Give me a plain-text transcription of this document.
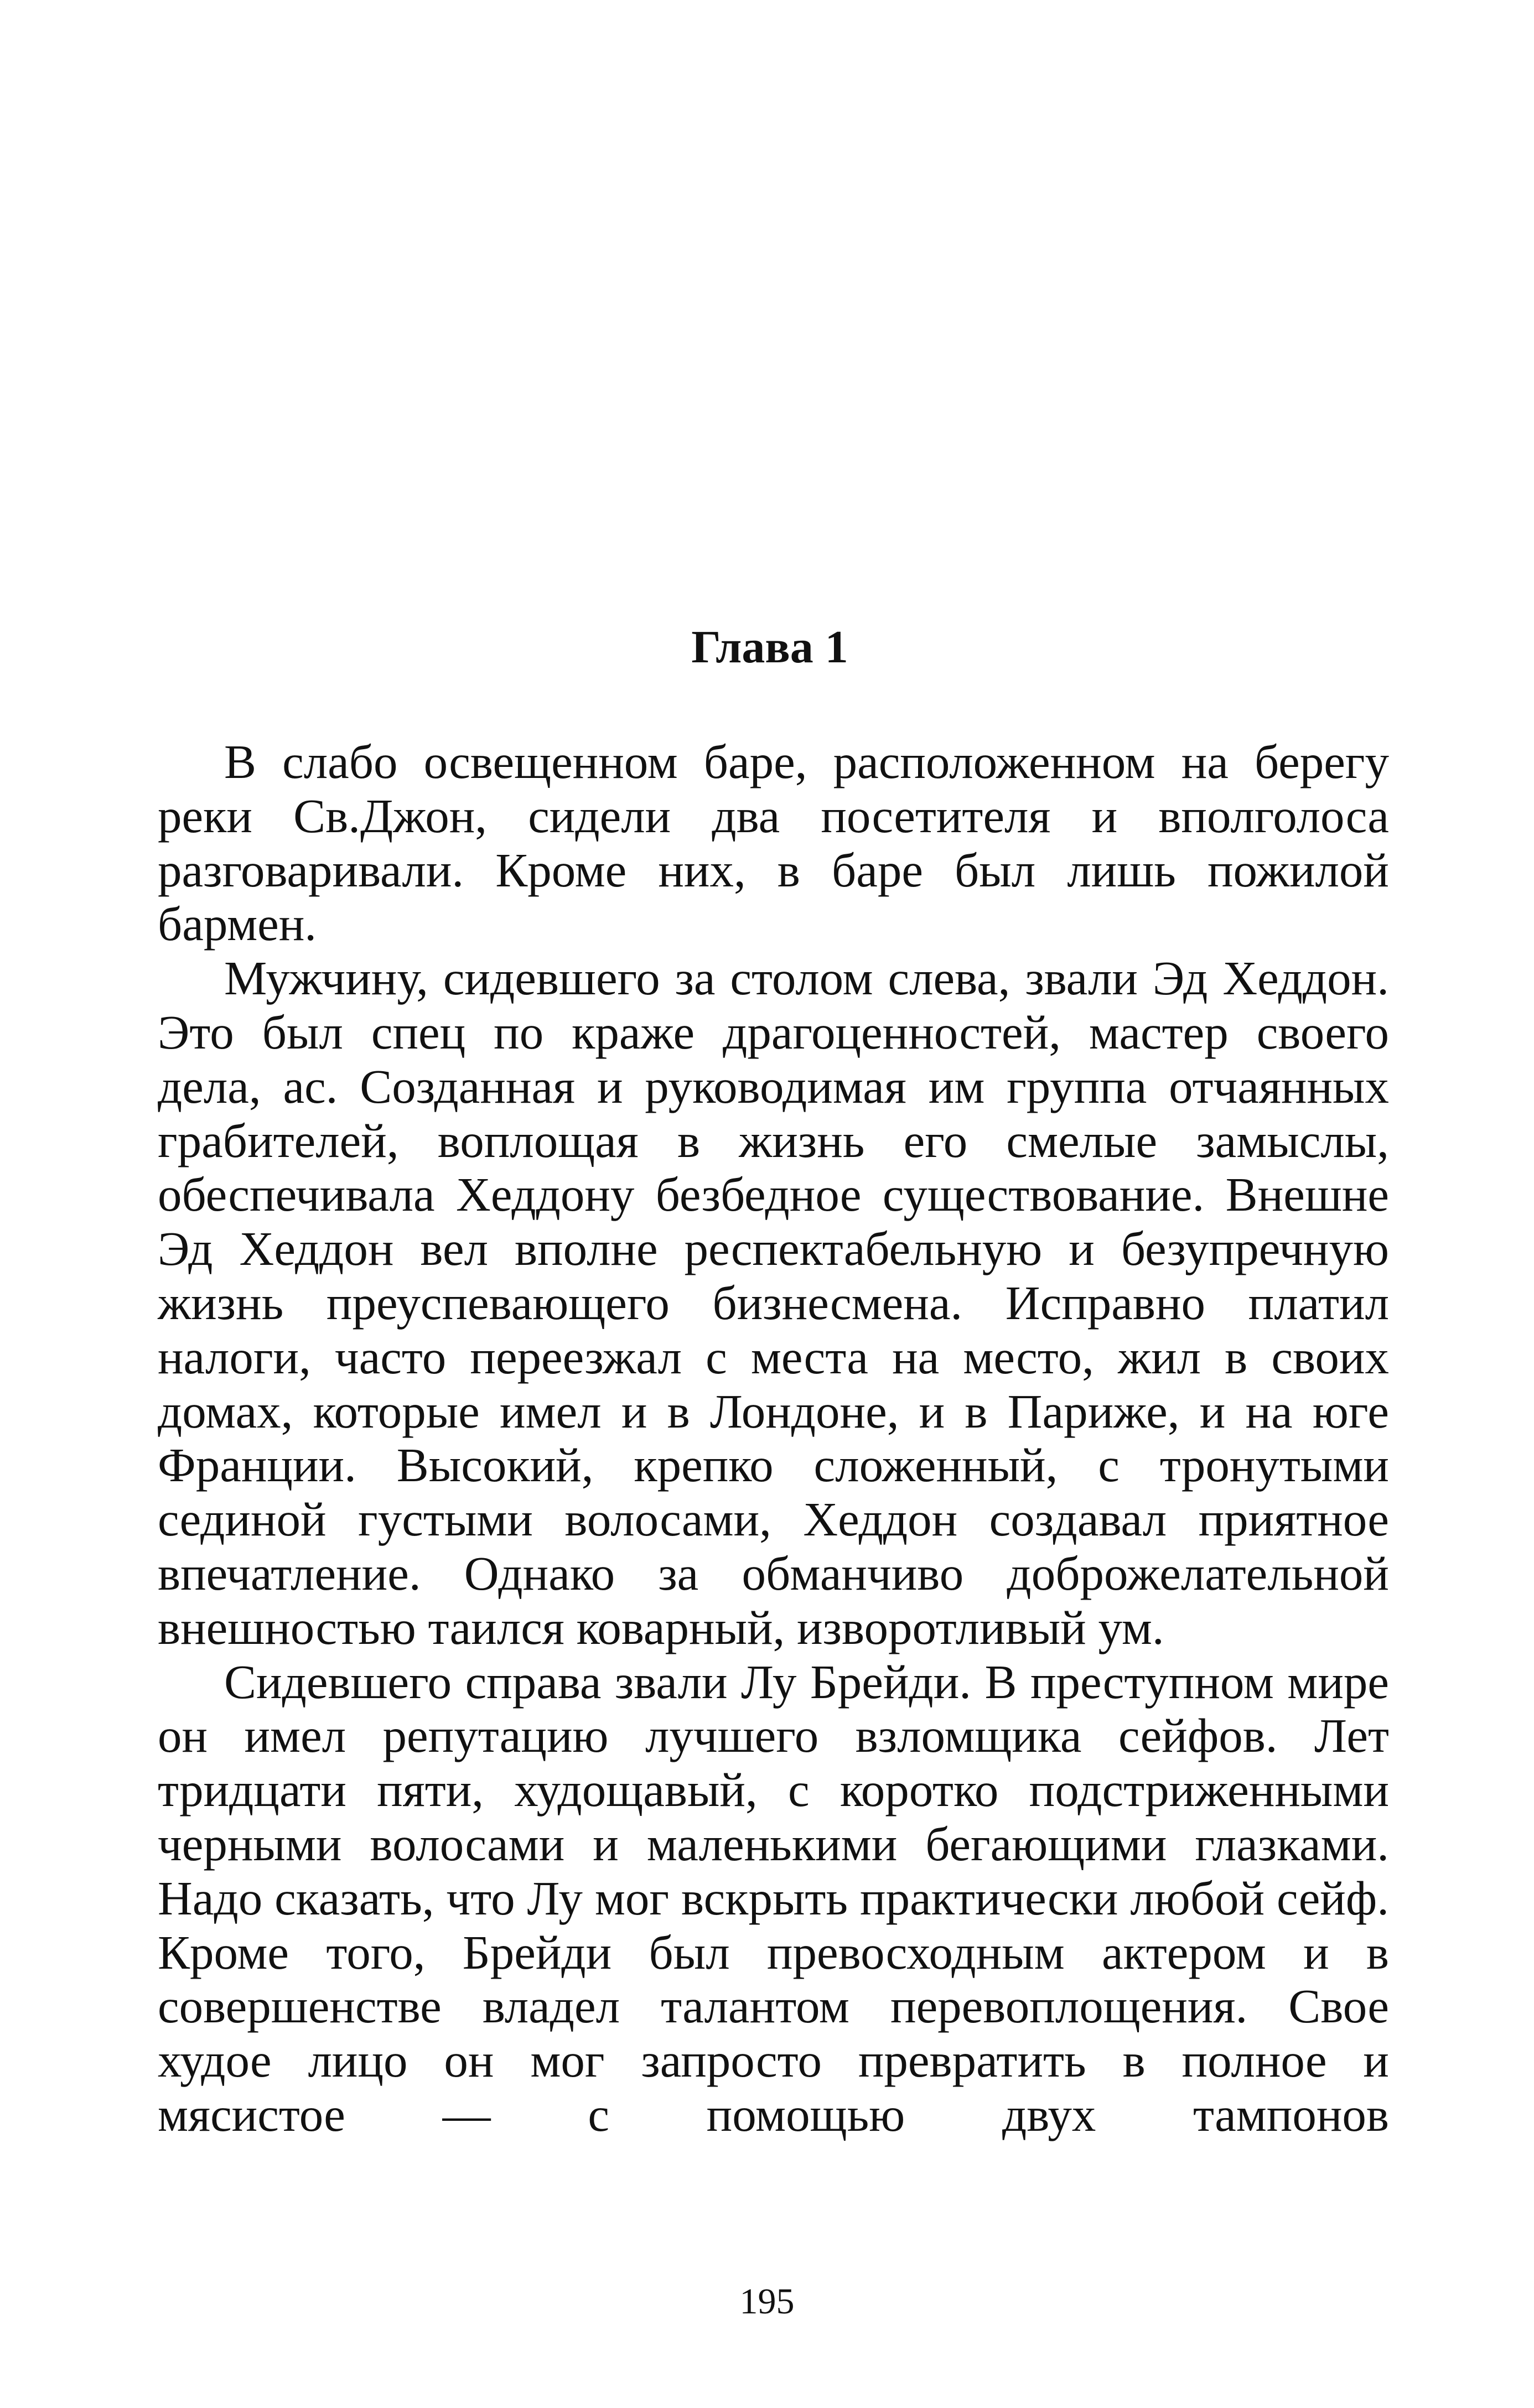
Глава 1

В слабо освещенном баре, расположенном на берегу реки Св.Джон, сидели два посетителя и вполголоса разговаривали. Кроме них, в баре был лишь пожилой бармен.

Мужчину, сидевшего за столом слева, звали Эд Хеддон. Это был спец по краже драгоценностей, мастер своего дела, ас. Созданная и руководимая им группа отчаянных грабителей, воплощая в жизнь его смелые замыслы, обеспечивала Хеддону безбедное существование. Внешне Эд Хеддон вел вполне респектабельную и безупречную жизнь преуспевающего бизнесмена. Исправно платил налоги, часто переезжал с места на место, жил в своих домах, которые имел и в Лондоне, и в Париже, и на юге Франции. Высокий, крепко сложенный, с тронутыми сединой густыми волосами, Хеддон создавал приятное впечатление. Однако за обманчиво доброжелательной внешностью таился коварный, изворотливый ум.

Сидевшего справа звали Лу Брейди. В преступном мире он имел репутацию лучшего взломщика сейфов. Лет тридцати пяти, худощавый, с коротко подстриженными черными волосами и маленькими бегающими глазками. Надо сказать, что Лу мог вскрыть практически любой сейф. Кроме того, Брейди был превосходным актером и в совершенстве владел талантом перевоплощения. Свое худое лицо он мог запросто превратить в полное и мясистое — с помощью двух тампонов

195
